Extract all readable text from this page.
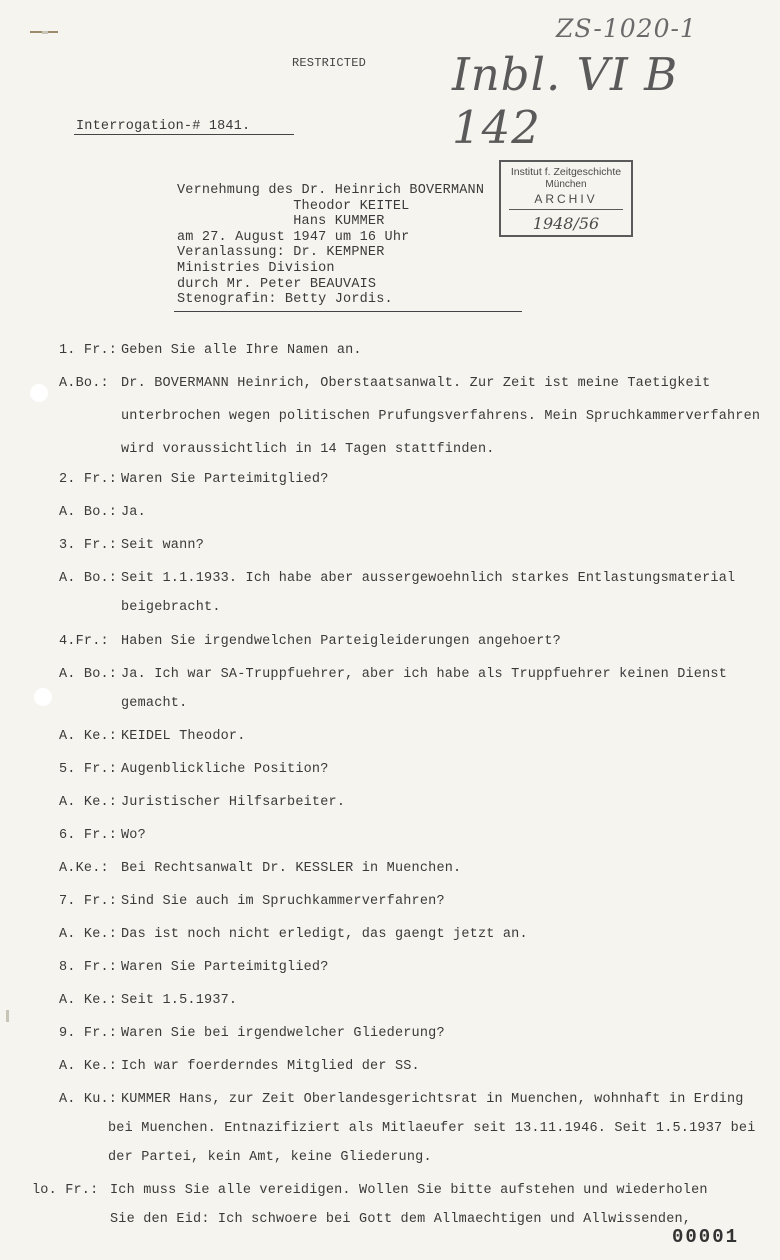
RESTRICTED
ZS-1020-1
Inbl. VI B 142
Interrogation-# 1841.
Vernehmung des Dr. Heinrich BOVERMANN
Theodor KEITEL
Hans KUMMER
am 27. August 1947 um 16 Uhr
Veranlassung: Dr. KEMPNER
Ministries Division
durch Mr. Peter BEAUVAIS
Stenografin: Betty Jordis.
Institut f. Zeitgeschichte
München
ARCHIV
1948/56
1. Fr.: Geben Sie alle Ihre Namen an.
A.Bo.: Dr. BOVERMANN Heinrich, Oberstaatsanwalt. Zur Zeit ist meine Taetigkeit
unterbrochen wegen politischen Prufungsverfahrens. Mein Spruchkammerverfahren
wird voraussichtlich in 14 Tagen stattfinden.
2. Fr.: Waren Sie Parteimitglied?
A. Bo.: Ja.
3. Fr.: Seit wann?
A. Bo.: Seit 1.1.1933. Ich habe aber aussergewoehnlich starkes Entlastungsmaterial
beigebracht.
4.Fr.: Haben Sie irgendwelchen Parteigleiderungen angehoert?
A. Bo.: Ja. Ich war SA-Truppfuehrer, aber ich habe als Truppfuehrer keinen Dienst
gemacht.
A. Ke.: KEIDEL Theodor.
5. Fr.: Augenblickliche Position?
A. Ke.: Juristischer Hilfsarbeiter.
6. Fr.: Wo?
A.Ke.: Bei Rechtsanwalt Dr. KESSLER in Muenchen.
7. Fr.: Sind Sie auch im Spruchkammerverfahren?
A. Ke.: Das ist noch nicht erledigt, das gaengt jetzt an.
8. Fr.: Waren Sie Parteimitglied?
A. Ke.: Seit 1.5.1937.
9. Fr.: Waren Sie bei irgendwelcher Gliederung?
A. Ke.: Ich war foerderndes Mitglied der SS.
A. Ku.: KUMMER Hans, zur Zeit Oberlandesgerichtsrat in Muenchen, wohnhaft in Erding
bei Muenchen. Entnazifiziert als Mitlaeufer seit 13.11.1946. Seit 1.5.1937 bei
der Partei, kein Amt, keine Gliederung.
lo. Fr.: Ich muss Sie alle vereidigen. Wollen Sie bitte aufstehen und wiederholen
Sie den Eid: Ich schwoere bei Gott dem Allmaechtigen und Allwissenden,
00001
